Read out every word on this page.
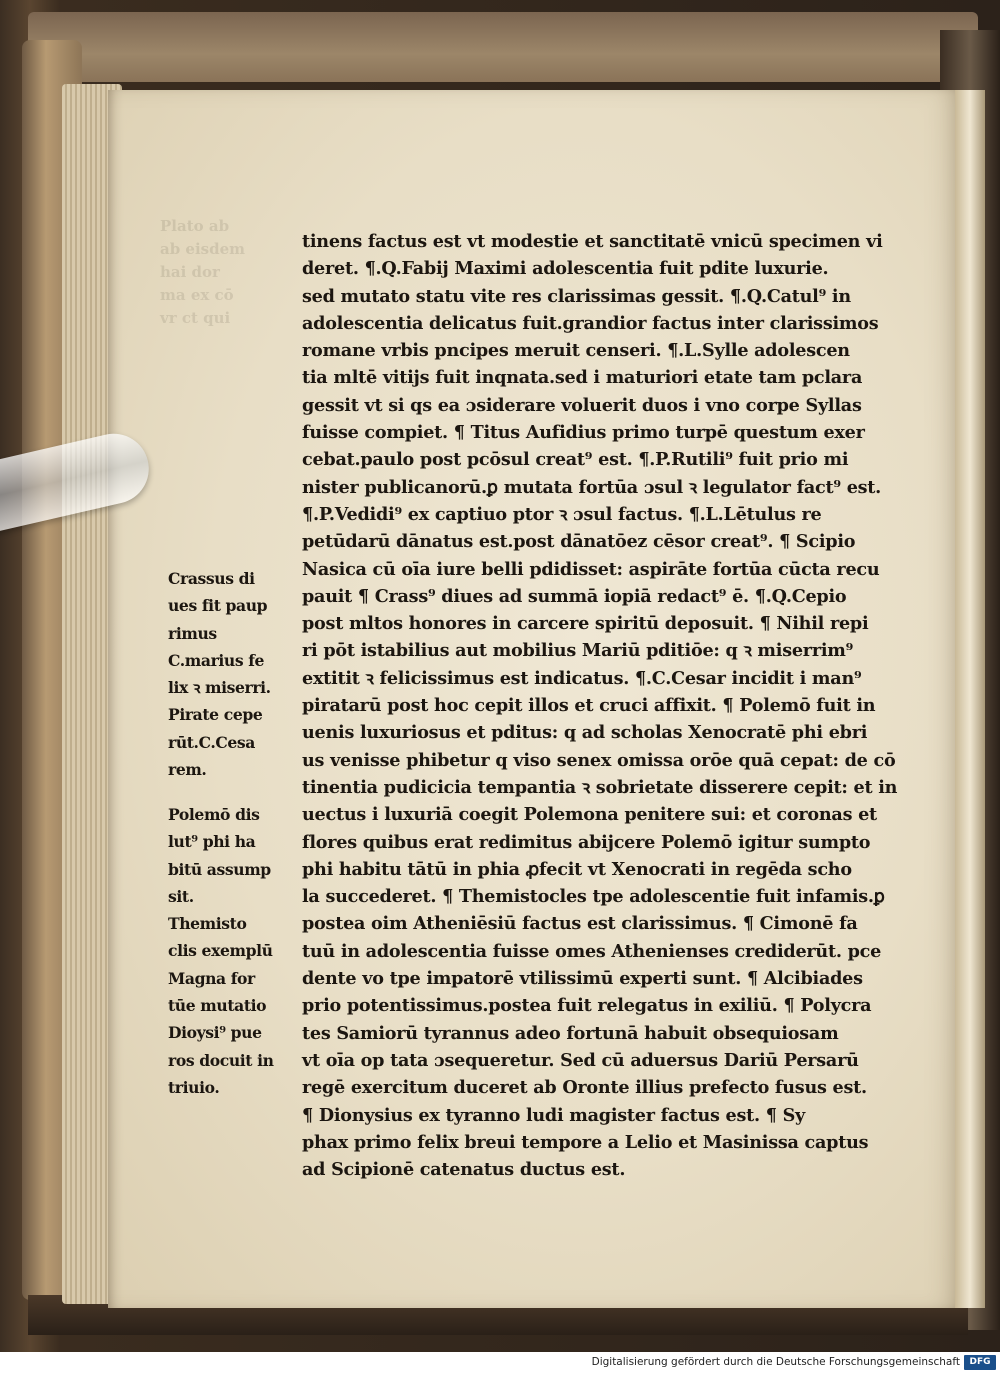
Plato ab
ab eisdem
hai dor
ma ex cō
vr ct qui
tinens factus est vt modestie et sanctitatē vnicū specimen vi
deret. ¶.Q.Fabij Maximi adolescentia fuit pdite luxurie.
sed mutato statu vite res clarissimas gessit. ¶.Q.Catul⁹ in
adolescentia delicatus fuit.grandior factus inter clarissimos
romane vrbis pncipes meruit censeri. ¶.L.Sylle adolescen
tia mltē vitijs fuit inqnata.sed i maturiori etate tam pclara
gessit vt si qs ea ɔsiderare voluerit duos i vno corpe Syllas
fuisse compiet. ¶ Titus Aufidius primo turpē questum exer
cebat.paulo post pcōsul creat⁹ est. ¶.P.Rutili⁹ fuit prio mi
nister publicanorū.ꝑ mutata fortūa ɔsul ꝛ legulator fact⁹ est.
¶.P.Vedidi⁹ ex captiuo ptor ꝛ ɔsul factus. ¶.L.Lētulus re
petūdarū dānatus est.post dānatōez cēsor creat⁹. ¶ Scipio
Nasica cū oīa iure belli pdidisset: aspirāte fortūa cūcta recu
pauit ¶ Crass⁹ diues ad summā iopiā redact⁹ ē. ¶.Q.Cepio
post mltos honores in carcere spiritū deposuit. ¶ Nihil repi
ri pōt istabilius aut mobilius Mariū pditiōe: q ꝛ miserrim⁹
extitit ꝛ felicissimus est indicatus. ¶.C.Cesar incidit i man⁹
piratarū post hoc cepit illos et cruci affixit. ¶ Polemō fuit in
uenis luxuriosus et pditus: q ad scholas Xenocratē phi ebri
us venisse phibetur q viso senex omissa orōe quā cepat: de cō
tinentia pudicicia tempantia ꝛ sobrietate disserere cepit: et in
uectus i luxuriā coegit Polemona penitere sui: et coronas et
flores quibus erat redimitus abijcere Polemō igitur sumpto
phi habitu tātū in phia ꝓfecit vt Xenocrati in regēda scho
la succederet. ¶ Themistocles tpe adolescentie fuit infamis.ꝑ
postea oim Atheniēsiū factus est clarissimus. ¶ Cimonē fa
tuū in adolescentia fuisse omes Athenienses crediderūt. pce
dente vo tpe impatorē vtilissimū experti sunt. ¶ Alcibiades
prio potentissimus.postea fuit relegatus in exiliū. ¶ Polycra
tes Samiorū tyrannus adeo fortunā habuit obsequiosam
vt oīa op tata ɔsequeretur. Sed cū aduersus Dariū Persarū
regē exercitum duceret ab Oronte illius prefecto fusus est.
¶ Dionysius ex tyranno ludi magister factus est. ¶ Sy
phax primo felix breui tempore a Lelio et Masinissa captus
ad Scipionē catenatus ductus est.
Crassus di
ues fit paup
rimus
C.marius fe
lix ꝛ miserri.
Pirate cepe
rūt.C.Cesa
rem.
Polemō dis
lut⁹ phi ha
bitū assump
sit.
Themisto
clis exemplū
Magna for
tūe mutatio
Dioysi⁹ pue
ros docuit in
triuio.
Digitalisierung gefördert durch die Deutsche Forschungsgemeinschaft	DFG
